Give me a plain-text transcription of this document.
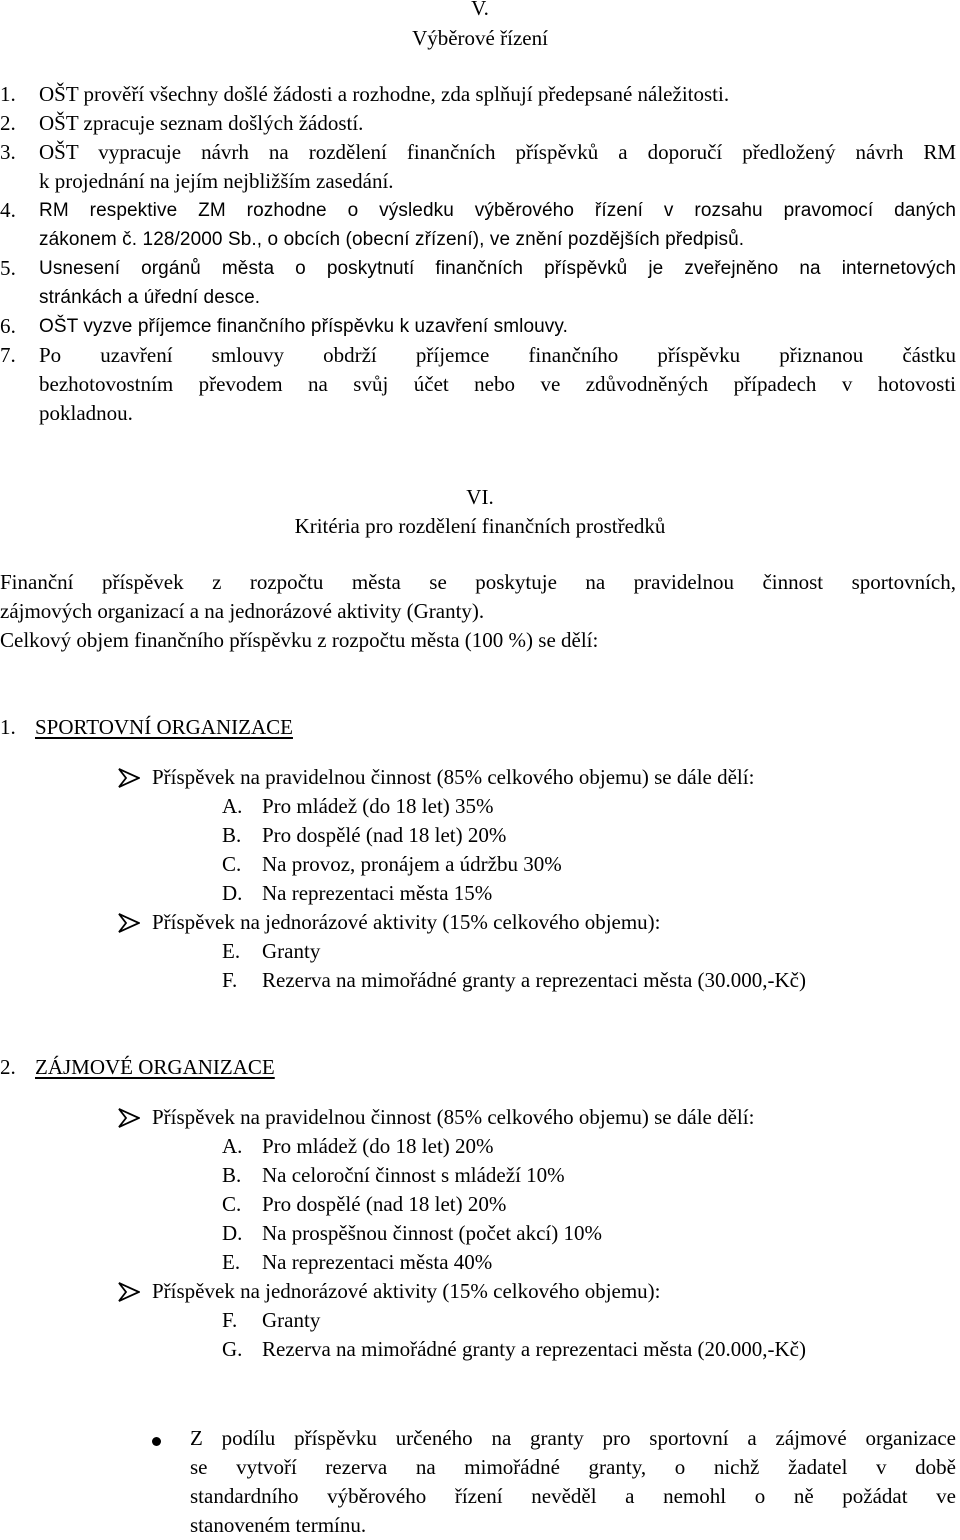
V.
Výběrové řízení
1.	OŠT prověří všechny došlé žádosti a rozhodne, zda splňují předepsané náležitosti.
2.	OŠT zpracuje seznam došlých žádostí.
3.	OŠT vypracuje návrh na rozdělení finančních příspěvků a doporučí předložený návrh RM
k projednání na jejím nejbližším zasedání.
4.	RM respektive ZM rozhodne o výsledku výběrového řízení v rozsahu pravomocí daných
zákonem č. 128/2000 Sb., o obcích (obecní zřízení), ve znění pozdějších předpisů.
5.	Usnesení orgánů města o poskytnutí finančních příspěvků je zveřejněno na internetových
stránkách a úřední desce.
6.	OŠT vyzve příjemce finančního příspěvku k uzavření smlouvy.
7.	Po uzavření smlouvy obdrží příjemce finančního příspěvku přiznanou částku
bezhotovostním převodem na svůj účet nebo ve zdůvodněných případech v hotovosti
pokladnou.
VI.
Kritéria pro rozdělení finančních prostředků
Finanční příspěvek z rozpočtu města se poskytuje na pravidelnou činnost sportovních,
zájmových organizací a na jednorázové aktivity (Granty).
Celkový objem finančního příspěvku z rozpočtu města (100 %) se dělí:
1. SPORTOVNÍ ORGANIZACE
Příspěvek na pravidelnou činnost (85% celkového objemu) se dále dělí:
A. Pro mládež (do 18 let) 35%
B. Pro dospělé (nad 18 let) 20%
C. Na provoz, pronájem a údržbu 30%
D. Na reprezentaci města 15%
Příspěvek na jednorázové aktivity (15% celkového objemu):
E. Granty
F. Rezerva na mimořádné granty a reprezentaci města (30.000,-Kč)
2. ZÁJMOVÉ ORGANIZACE
Příspěvek na pravidelnou činnost (85% celkového objemu) se dále dělí:
A. Pro mládež (do 18 let) 20%
B. Na celoroční činnost s mládeží 10%
C. Pro dospělé (nad 18 let) 20%
D. Na prospěšnou činnost (počet akcí) 10%
E. Na reprezentaci města 40%
Příspěvek na jednorázové aktivity (15% celkového objemu):
F. Granty
G. Rezerva na mimořádné granty a reprezentaci města (20.000,-Kč)
Z podílu příspěvku určeného na granty pro sportovní a zájmové organizace
se vytvoří rezerva na mimořádné granty, o nichž žadatel v době
standardního výběrového řízení nevěděl a nemohl o ně požádat ve
stanoveném termínu.
